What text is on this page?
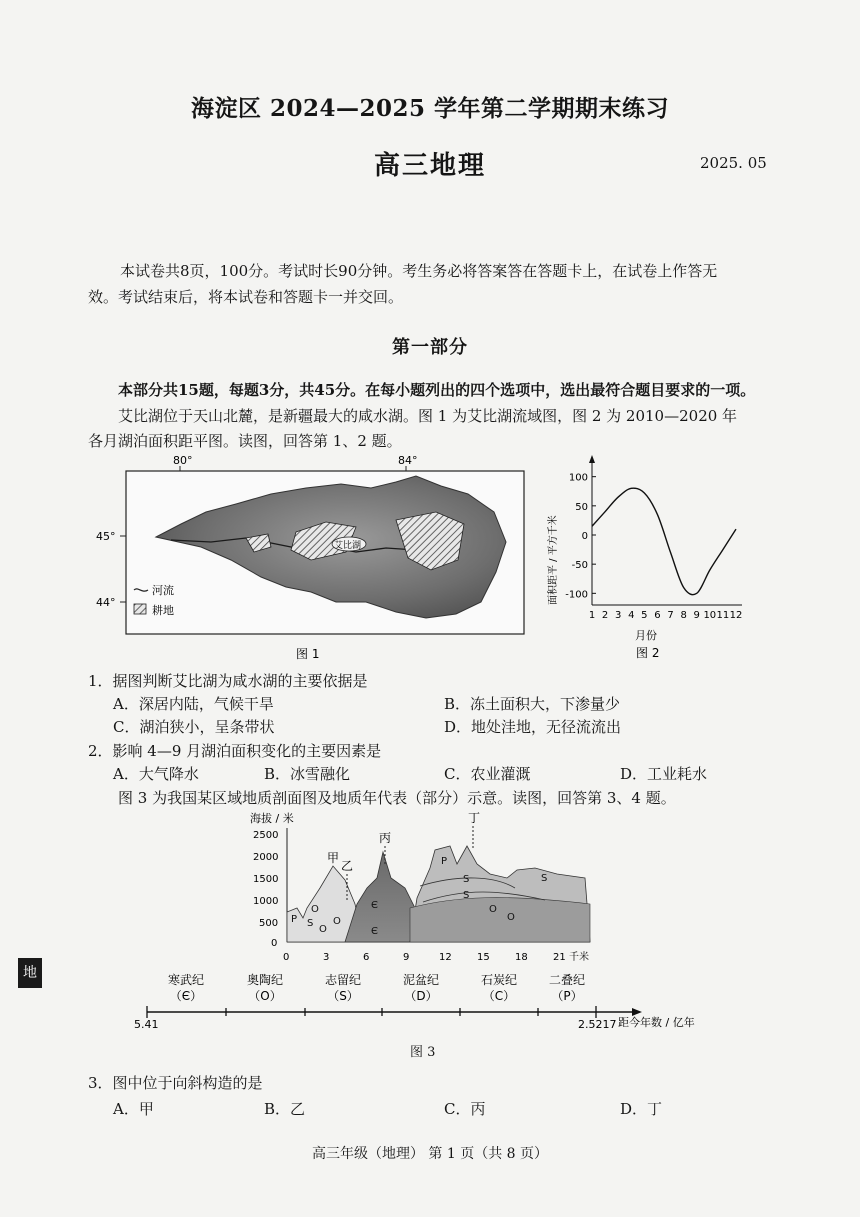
海淀区 2024—2025 学年第二学期期末练习
高三地理	2025. 05
本试卷共8页，100分。考试时长90分钟。考生务必将答案答在答题卡上，在试卷上作答无
效。考试结束后，将本试卷和答题卡一并交回。
第一部分
本部分共15题，每题3分，共45分。在每小题列出的四个选项中，选出最符合题目要求的一项。
艾比湖位于天山北麓，是新疆最大的咸水湖。图 1 为艾比湖流域图，图 2 为 2010—2020 年
各月湖泊面积距平图。读图，回答第 1、2 题。
80°	84°
艾比湖
45°
44°
河流
耕地
图 1
面积距平 / 平方千米
100
50
0
-50
-100
1 2 3 4 5 6 7 8 9 10 11 12
月份
图 2
1．据图判断艾比湖为咸水湖的主要依据是
A．深居内陆，气候干旱	B．冻土面积大，下渗量少
C．湖泊狭小，呈条带状	D．地处洼地，无径流流出
2．影响 4—9 月湖泊面积变化的主要因素是
A．大气降水	B．冰雪融化	C．农业灌溉	D．工业耗水
图 3 为我国某区域地质剖面图及地质年代表（部分）示意。读图，回答第 3、4 题。
海拔 / 米
2500
2000
1500
1000
500
0
P
S
S
S
O
O
P S
O
O
O
Є
Є
甲
乙
丙
丁
0	3	6	9	12	15	18	21 千米
寒武纪
（Є）
奥陶纪
（O）
志留纪
（S）
泥盆纪
（D）
石炭纪
（C）
二叠纪
（P）
5.41	2.5217 距今年数 / 亿年
图 3
3．图中位于向斜构造的是
A．甲	B．乙	C．丙	D．丁
高三年级（地理） 第 1 页（共 8 页）
地
